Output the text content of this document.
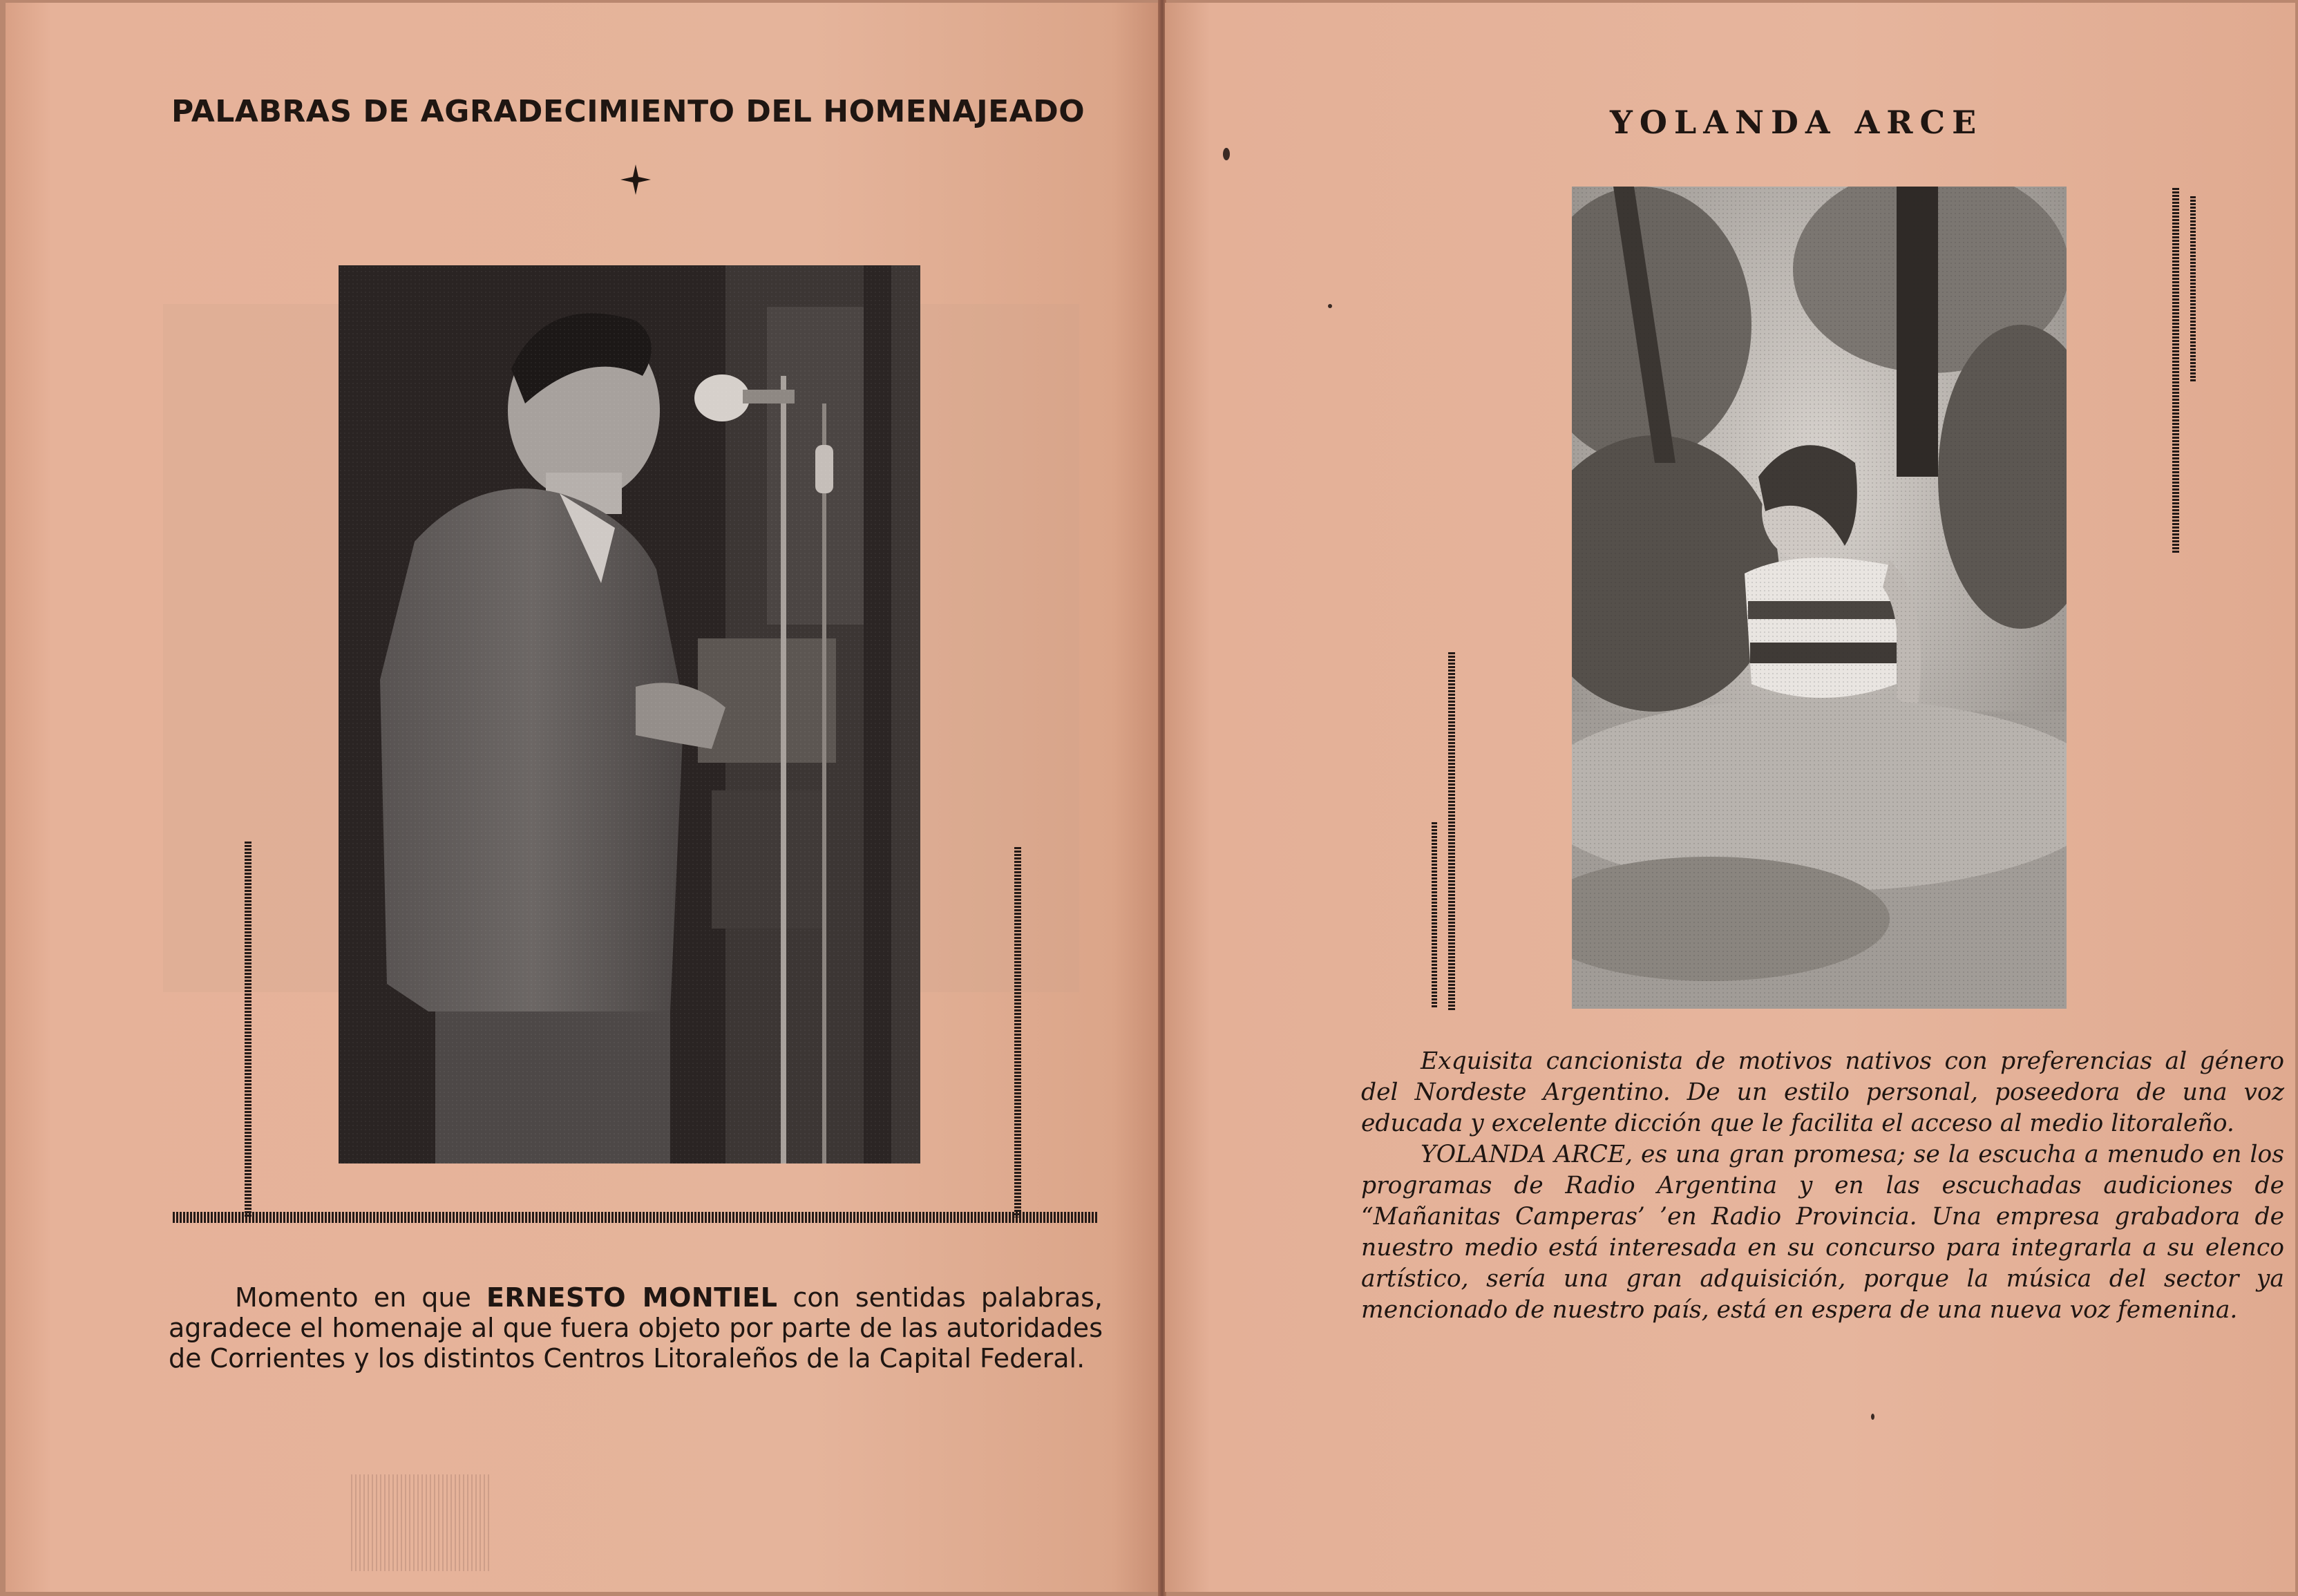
PALABRAS DE AGRADECIMIENTO DEL HOMENAJEADO

Momento en que ERNESTO MONTIEL con sentidas palabras, agradece el homenaje al que fuera objeto por parte de las autoridades de Corrientes y los distintos Centros Litoraleños de la Capital Federal.

YOLANDA ARCE

Exquisita cancionista de motivos nativos con preferencias al género del Nordeste Argentino. De un estilo personal, poseedora de una voz educada y excelente dicción que le facilita el acceso al medio litoraleño.

YOLANDA ARCE, es una gran promesa; se la escucha a menudo en los programas de Radio Argentina y en las escuchadas audiciones de “Mañanitas Camperas’ ’en Radio Provincia. Una empresa grabadora de nuestro medio está interesada en su concurso para integrarla a su elenco artístico, sería una gran adquisición, porque la música del sector ya mencionado de nuestro país, está en espera de una nueva voz femenina.
